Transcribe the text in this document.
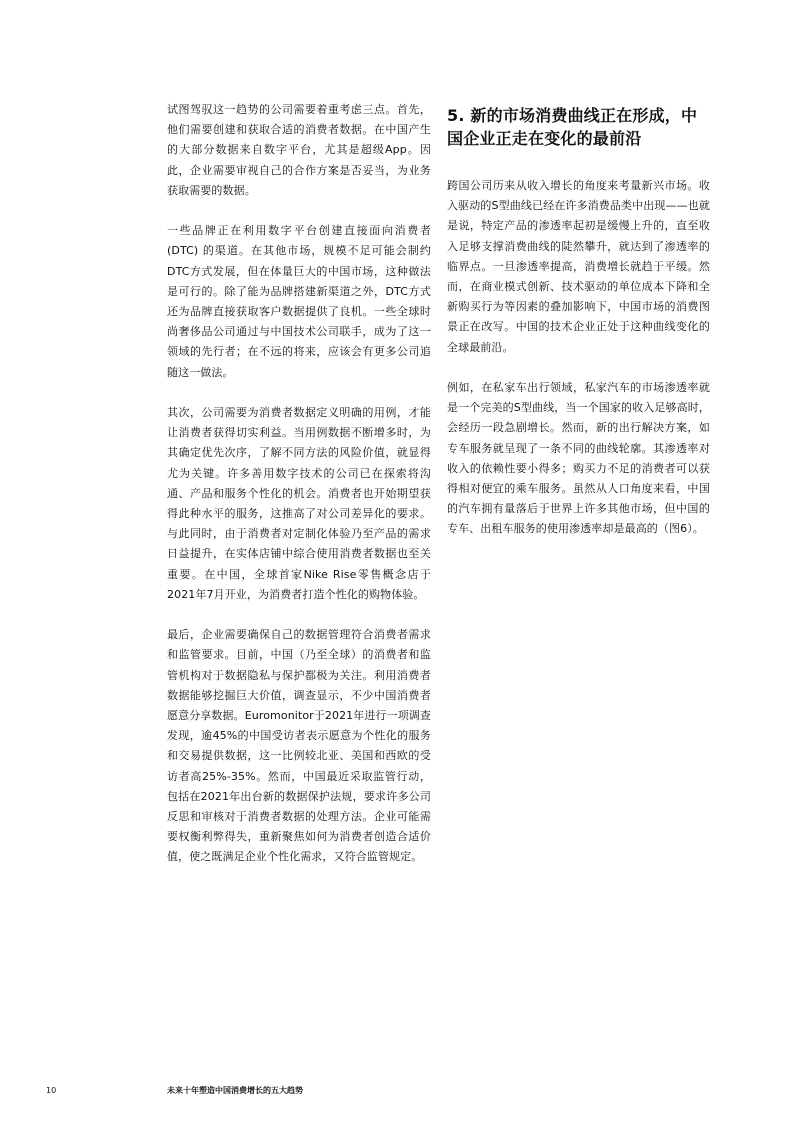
试图驾驭这一趋势的公司需要着重考虑三点。首先，他们需要创建和获取合适的消费者数据。在中国产生的大部分数据来自数字平台，尤其是超级App。因此，企业需要审视自己的合作方案是否妥当，为业务获取需要的数据。

一些品牌正在利用数字平台创建直接面向消费者(DTC) 的渠道。在其他市场，规模不足可能会制约DTC方式发展，但在体量巨大的中国市场，这种做法是可行的。除了能为品牌搭建新渠道之外，DTC方式还为品牌直接获取客户数据提供了良机。一些全球时尚奢侈品公司通过与中国技术公司联手，成为了这一领域的先行者；在不远的将来，应该会有更多公司追随这一做法。

其次，公司需要为消费者数据定义明确的用例，才能让消费者获得切实利益。当用例数据不断增多时，为其确定优先次序，了解不同方法的风险价值，就显得尤为关键。许多善用数字技术的公司已在探索将沟通、产品和服务个性化的机会。消费者也开始期望获得此种水平的服务，这推高了对公司差异化的要求。与此同时，由于消费者对定制化体验乃至产品的需求日益提升，在实体店铺中综合使用消费者数据也至关重要。在中国，全球首家Nike Rise零售概念店于2021年7月开业，为消费者打造个性化的购物体验。

最后，企业需要确保自己的数据管理符合消费者需求和监管要求。目前，中国（乃至全球）的消费者和监管机构对于数据隐私与保护都极为关注。利用消费者数据能够挖掘巨大价值，调查显示，不少中国消费者愿意分享数据。Euromonitor于2021年进行一项调查发现，逾45%的中国受访者表示愿意为个性化的服务和交易提供数据，这一比例较北亚、美国和西欧的受访者高25%-35%。然而，中国最近采取监管行动，包括在2021年出台新的数据保护法规，要求许多公司反思和审核对于消费者数据的处理方法。企业可能需要权衡利弊得失，重新聚焦如何为消费者创造合适价值，使之既满足企业个性化需求，又符合监管规定。

5. 新的市场消费曲线正在形成，中国企业正走在变化的最前沿

跨国公司历来从收入增长的角度来考量新兴市场。收入驱动的S型曲线已经在许多消费品类中出现——也就是说，特定产品的渗透率起初是缓慢上升的，直至收入足够支撑消费曲线的陡然攀升，就达到了渗透率的临界点。一旦渗透率提高，消费增长就趋于平缓。然而，在商业模式创新、技术驱动的单位成本下降和全新购买行为等因素的叠加影响下，中国市场的消费图景正在改写。中国的技术企业正处于这种曲线变化的全球最前沿。

例如，在私家车出行领域，私家汽车的市场渗透率就是一个完美的S型曲线，当一个国家的收入足够高时，会经历一段急剧增长。然而，新的出行解决方案，如专车服务就呈现了一条不同的曲线轮廓。其渗透率对收入的依赖性要小得多；购买力不足的消费者可以获得相对便宜的乘车服务。虽然从人口角度来看，中国的汽车拥有量落后于世界上许多其他市场，但中国的专车、出租车服务的使用渗透率却是最高的（图6）。

10	未来十年塑造中国消费增长的五大趋势
